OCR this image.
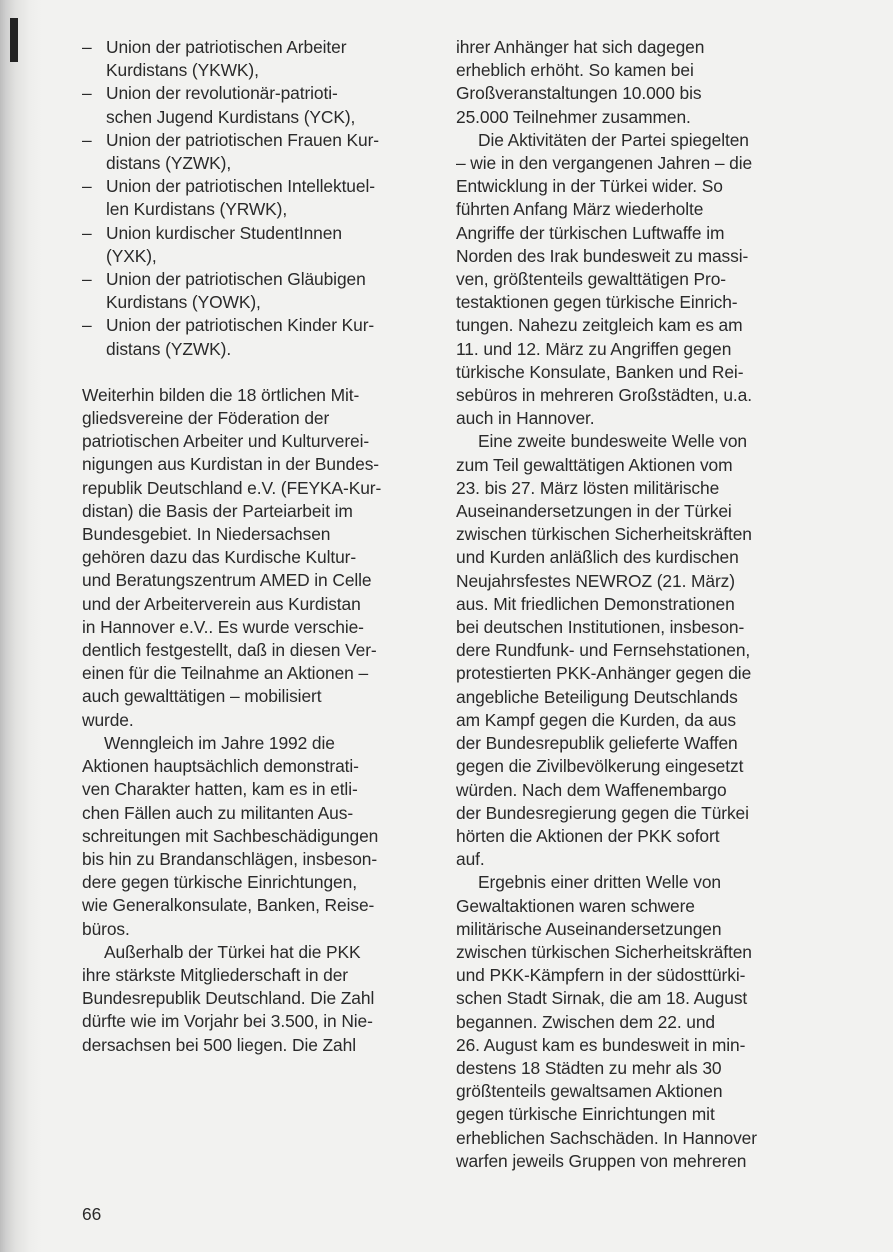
– Union der patriotischen Arbeiter
Kurdistans (YKWK),
– Union der revolutionär-patrioti-
schen Jugend Kurdistans (YCK),
– Union der patriotischen Frauen Kur-
distans (YZWK),
– Union der patriotischen Intellektuel-
len Kurdistans (YRWK),
– Union kurdischer StudentInnen
(YXK),
– Union der patriotischen Gläubigen
Kurdistans (YOWK),
– Union der patriotischen Kinder Kur-
distans (YZWK).

Weiterhin bilden die 18 örtlichen Mit-
gliedsvereine der Föderation der
patriotischen Arbeiter und Kulturverei-
nigungen aus Kurdistan in der Bundes-
republik Deutschland e.V. (FEYKA-Kur-
distan) die Basis der Parteiarbeit im
Bundesgebiet. In Niedersachsen
gehören dazu das Kurdische Kultur-
und Beratungszentrum AMED in Celle
und der Arbeiterverein aus Kurdistan
in Hannover e.V.. Es wurde verschie-
dentlich festgestellt, daß in diesen Ver-
einen für die Teilnahme an Aktionen –
auch gewalttätigen – mobilisiert
wurde.

Wenngleich im Jahre 1992 die
Aktionen hauptsächlich demonstrati-
ven Charakter hatten, kam es in etli-
chen Fällen auch zu militanten Aus-
schreitungen mit Sachbeschädigungen
bis hin zu Brandanschlägen, insbeson-
dere gegen türkische Einrichtungen,
wie Generalkonsulate, Banken, Reise-
büros.

Außerhalb der Türkei hat die PKK
ihre stärkste Mitgliederschaft in der
Bundesrepublik Deutschland. Die Zahl
dürfte wie im Vorjahr bei 3.500, in Nie-
dersachsen bei 500 liegen. Die Zahl

ihrer Anhänger hat sich dagegen
erheblich erhöht. So kamen bei
Großveranstaltungen 10.000 bis
25.000 Teilnehmer zusammen.

Die Aktivitäten der Partei spiegelten
– wie in den vergangenen Jahren – die
Entwicklung in der Türkei wider. So
führten Anfang März wiederholte
Angriffe der türkischen Luftwaffe im
Norden des Irak bundesweit zu massi-
ven, größtenteils gewalttätigen Pro-
testaktionen gegen türkische Einrich-
tungen. Nahezu zeitgleich kam es am
11. und 12. März zu Angriffen gegen
türkische Konsulate, Banken und Rei-
sebüros in mehreren Großstädten, u.a.
auch in Hannover.

Eine zweite bundesweite Welle von
zum Teil gewalttätigen Aktionen vom
23. bis 27. März lösten militärische
Auseinandersetzungen in der Türkei
zwischen türkischen Sicherheitskräften
und Kurden anläßlich des kurdischen
Neujahrsfestes NEWROZ (21. März)
aus. Mit friedlichen Demonstrationen
bei deutschen Institutionen, insbeson-
dere Rundfunk- und Fernsehstationen,
protestierten PKK-Anhänger gegen die
angebliche Beteiligung Deutschlands
am Kampf gegen die Kurden, da aus
der Bundesrepublik gelieferte Waffen
gegen die Zivilbevölkerung eingesetzt
würden. Nach dem Waffenembargo
der Bundesregierung gegen die Türkei
hörten die Aktionen der PKK sofort
auf.

Ergebnis einer dritten Welle von
Gewaltaktionen waren schwere
militärische Auseinandersetzungen
zwischen türkischen Sicherheitskräften
und PKK-Kämpfern in der südosttürki-
schen Stadt Sirnak, die am 18. August
begannen. Zwischen dem 22. und
26. August kam es bundesweit in min-
destens 18 Städten zu mehr als 30
größtenteils gewaltsamen Aktionen
gegen türkische Einrichtungen mit
erheblichen Sachschäden. In Hannover
warfen jeweils Gruppen von mehreren

66
